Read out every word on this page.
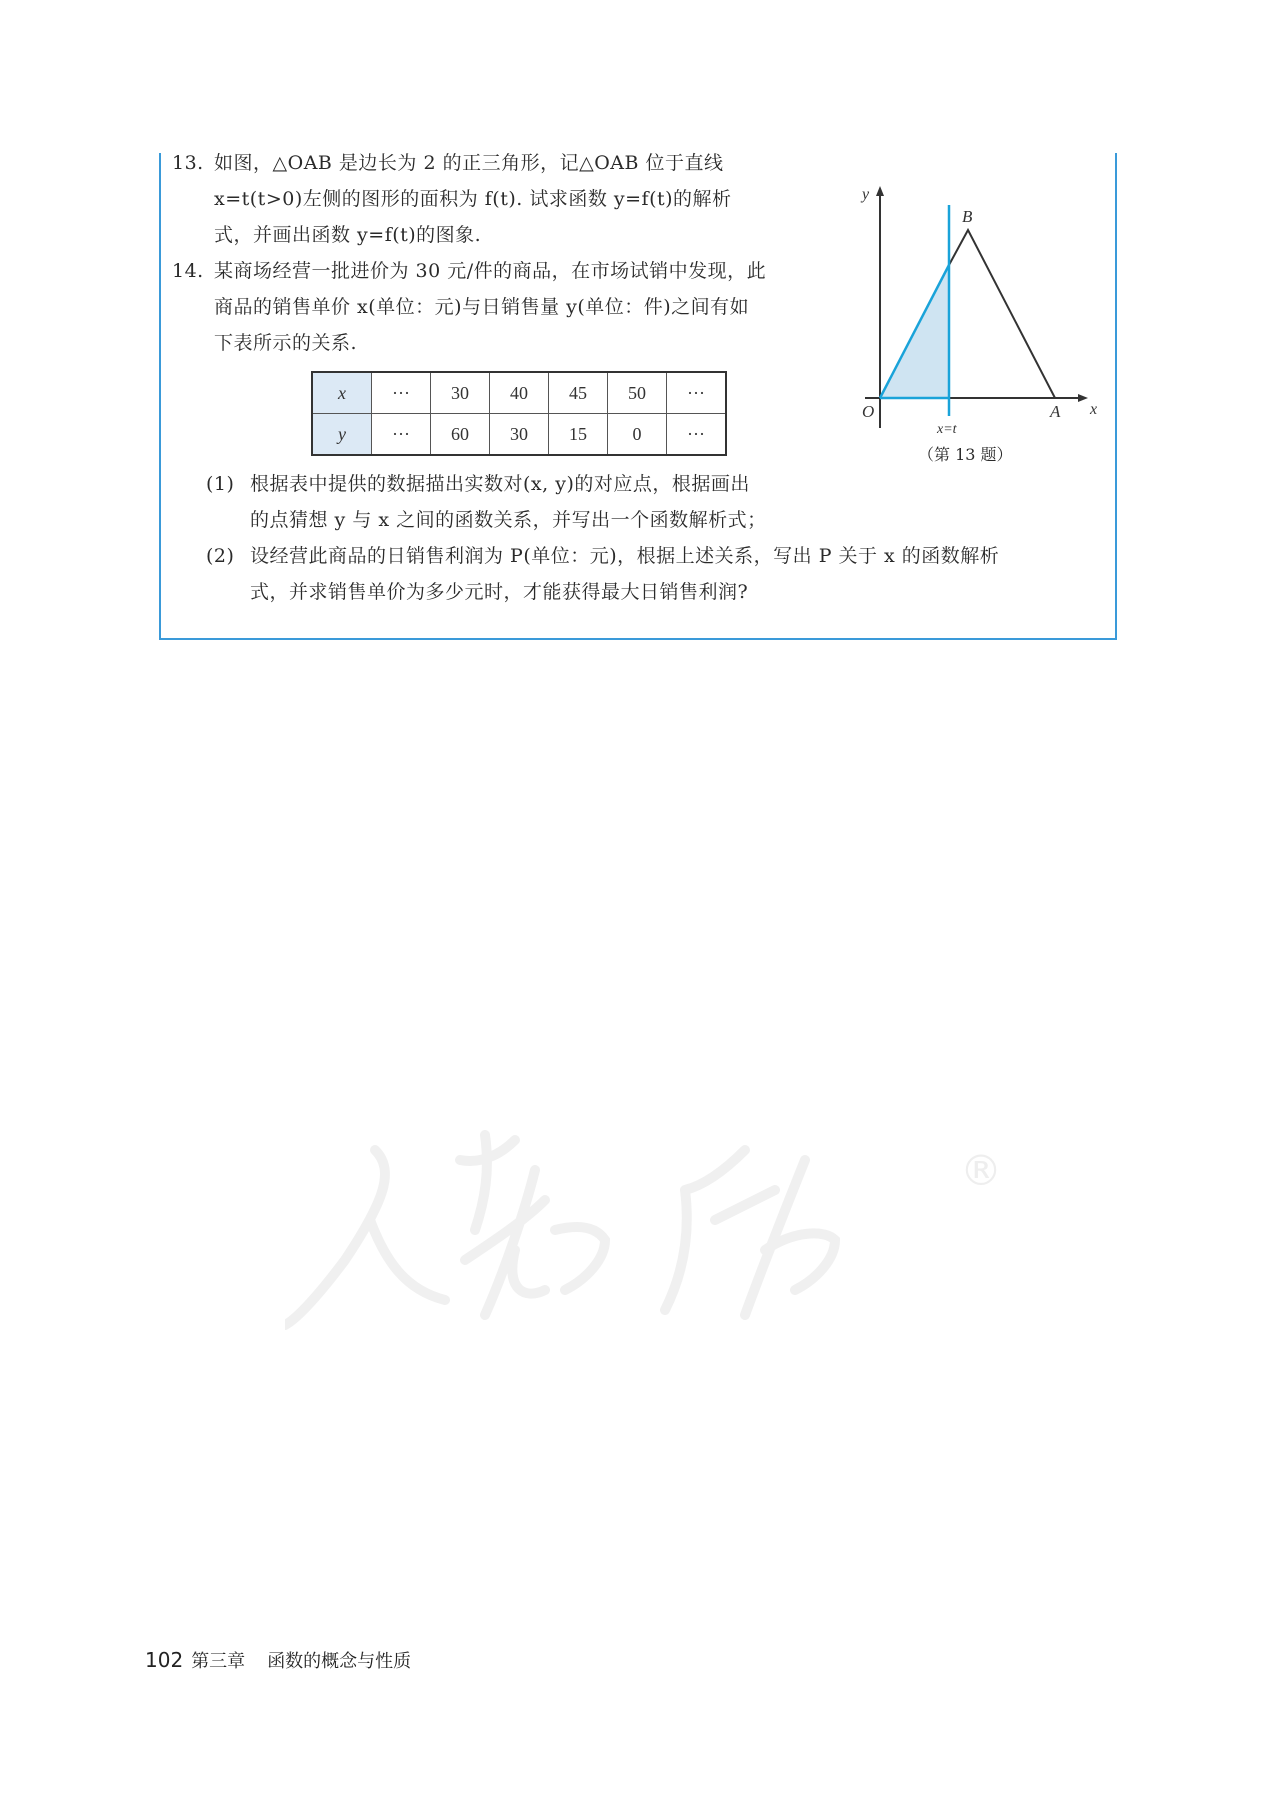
13. 如图，△OAB 是边长为 2 的正三角形，记△OAB 位于直线
x=t(t>0)左侧的图形的面积为 f(t). 试求函数 y=f(t)的解析
式，并画出函数 y=f(t)的图象.
14. 某商场经营一批进价为 30 元/件的商品，在市场试销中发现，此
商品的销售单价 x(单位：元)与日销售量 y(单位：件)之间有如
下表所示的关系.
x	···	30	40	45	50	···
y	···	60	30	15	0	···
(1) 根据表中提供的数据描出实数对(x, y)的对应点，根据画出
的点猜想 y 与 x 之间的函数关系，并写出一个函数解析式；
(2) 设经营此商品的日销售利润为 P(单位：元)，根据上述关系，写出 P 关于 x 的函数解析
式，并求销售单价为多少元时，才能获得最大日销售利润?
y
x
O	A
B
x=t
（第 13 题）
®
102 第三章 函数的概念与性质
